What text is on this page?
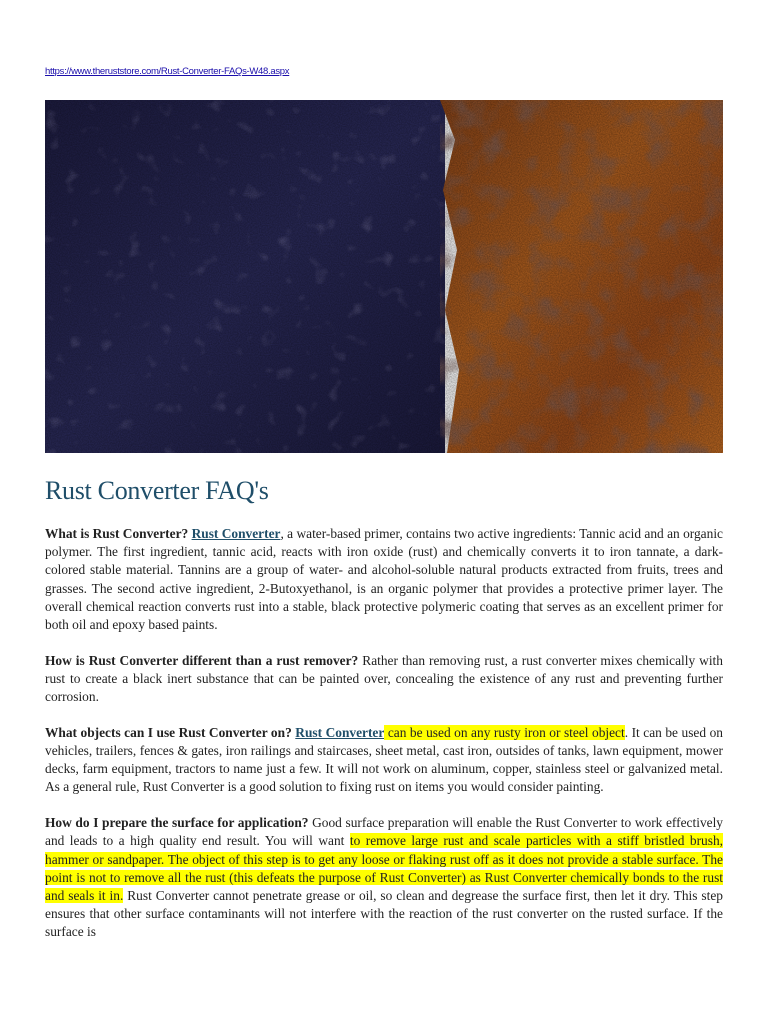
https://www.theruststore.com/Rust-Converter-FAQs-W48.aspx
Rust Converter FAQ's

What is Rust Converter? Rust Converter, a water-based primer, contains two active ingredients: Tannic acid and an organic polymer. The first ingredient, tannic acid, reacts with iron oxide (rust) and chemically converts it to iron tannate, a dark-colored stable material. Tannins are a group of water- and alcohol-soluble natural products extracted from fruits, trees and grasses. The second active ingredient, 2-Butoxyethanol, is an organic polymer that provides a protective primer layer. The overall chemical reaction converts rust into a stable, black protective polymeric coating that serves as an excellent primer for both oil and epoxy based paints.

How is Rust Converter different than a rust remover? Rather than removing rust, a rust converter mixes chemically with rust to create a black inert substance that can be painted over, concealing the existence of any rust and preventing further corrosion.

What objects can I use Rust Converter on? Rust Converter can be used on any rusty iron or steel object. It can be used on vehicles, trailers, fences & gates, iron railings and staircases, sheet metal, cast iron, outsides of tanks, lawn equipment, mower decks, farm equipment, tractors to name just a few. It will not work on aluminum, copper, stainless steel or galvanized metal. As a general rule, Rust Converter is a good solution to fixing rust on items you would consider painting.

How do I prepare the surface for application? Good surface preparation will enable the Rust Converter to work effectively and leads to a high quality end result. You will want to remove large rust and scale particles with a stiff bristled brush, hammer or sandpaper. The object of this step is to get any loose or flaking rust off as it does not provide a stable surface. The point is not to remove all the rust (this defeats the purpose of Rust Converter) as Rust Converter chemically bonds to the rust and seals it in. Rust Converter cannot penetrate grease or oil, so clean and degrease the surface first, then let it dry. This step ensures that other surface contaminants will not interfere with the reaction of the rust converter on the rusted surface. If the surface is
